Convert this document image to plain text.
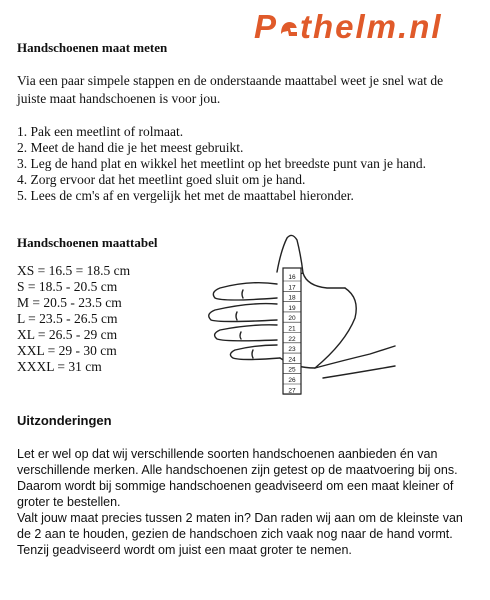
P thelm.nl
Handschoenen maat meten
Via een paar simpele stappen en de onderstaande maattabel weet je snel wat de juiste maat handschoenen is voor jou.
1. Pak een meetlint of rolmaat.
2. Meet de hand die je het meest gebruikt.
3. Leg de hand plat en wikkel het meetlint op het breedste punt van je hand.
4. Zorg ervoor dat het meetlint goed sluit om je hand.
5. Lees de cm's af en vergelijk het met de maattabel hieronder.
Handschoenen maattabel
XS = 16.5 = 18.5 cm
S = 18.5 - 20.5 cm
M = 20.5 - 23.5 cm
L = 23.5 - 26.5 cm
XL = 26.5 - 29 cm
XXL = 29 - 30 cm
XXXL = 31 cm
16
17
18
19
20
21
22
23
24
25
26
27
Uitzonderingen
Let er wel op dat wij verschillende soorten handschoenen aanbieden én van verschillende merken. Alle handschoenen zijn getest op de maatvoering bij ons. Daarom wordt bij sommige handschoenen geadviseerd om een maat kleiner of groter te bestellen.
Valt jouw maat precies tussen 2 maten in? Dan raden wij aan om de kleinste van de 2 aan te houden, gezien de handschoen zich vaak nog naar de hand vormt. Tenzij geadviseerd wordt om juist een maat groter te nemen.
